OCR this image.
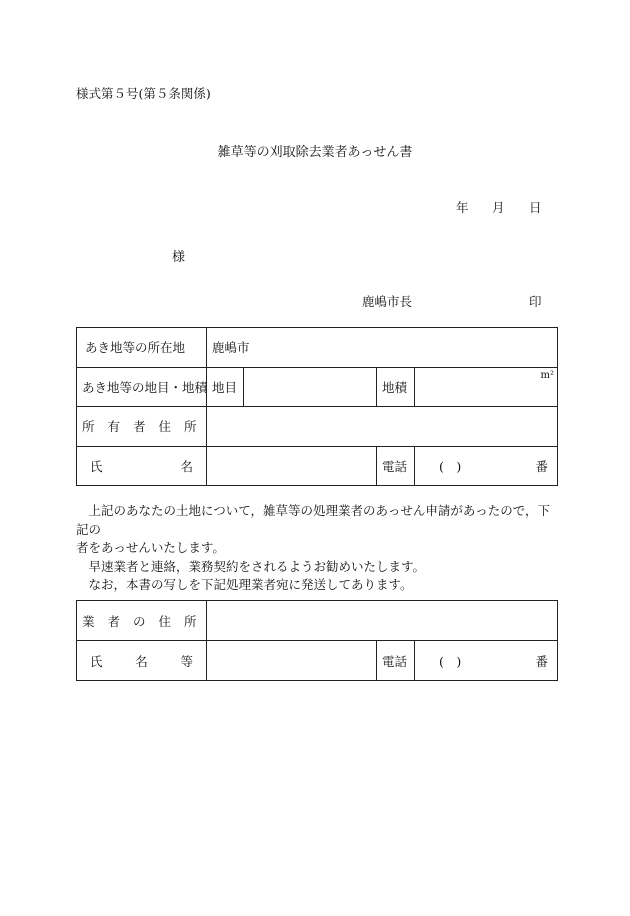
様式第５号(第５条関係)
雑草等の刈取除去業者あっせん書
年 月 日
様
鹿嶋市長	印
あき地等の所在地	鹿嶋市			
あき地等の地目・地積	地目		地積	m²

所有者住所				

氏 名			電話	(　) 番

上記のあなたの土地について，雑草等の処理業者のあっせん申請があったので，下記の

者をあっせんいたします。

早速業者と連絡，業務契約をされるようお勧めいたします。

なお，本書の写しを下記処理業者宛に発送してあります。

業者の住所			

氏 名 等		電話	(　) 番
